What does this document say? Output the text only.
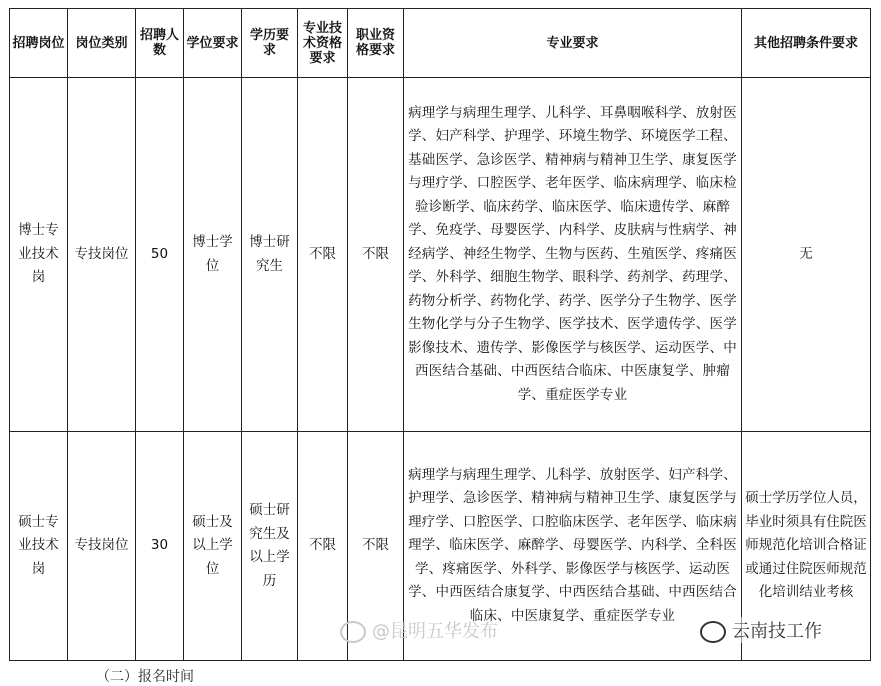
招聘岗位	岗位类别	招聘人数	学位要求	学历要求	专业技术资格要求	职业资格要求	专业要求	其他招聘条件要求
博士专业技术岗	专技岗位	50	博士学位	博士研究生	不限	不限	病理学与病理生理学、儿科学、耳鼻咽喉科学、放射医学、妇产科学、护理学、环境生物学、环境医学工程、基础医学、急诊医学、精神病与精神卫生学、康复医学与理疗学、口腔医学、老年医学、临床病理学、临床检验诊断学、临床药学、临床医学、临床遗传学、麻醉学、免疫学、母婴医学、内科学、皮肤病与性病学、神经病学、神经生物学、生物与医药、生殖医学、疼痛医学、外科学、细胞生物学、眼科学、药剂学、药理学、药物分析学、药物化学、药学、医学分子生物学、医学生物化学与分子生物学、医学技术、医学遗传学、医学影像技术、遗传学、影像医学与核医学、运动医学、中西医结合基础、中西医结合临床、中医康复学、肿瘤学、重症医学专业	无
硕士专业技术岗	专技岗位	30	硕士及以上学位	硕士研究生及以上学历	不限	不限	病理学与病理生理学、儿科学、放射医学、妇产科学、护理学、急诊医学、精神病与精神卫生学、康复医学与理疗学、口腔医学、口腔临床医学、老年医学、临床病理学、临床医学、麻醉学、母婴医学、内科学、全科医学、疼痛医学、外科学、影像医学与核医学、运动医学、中西医结合康复学、中西医结合基础、中西医结合临床、中医康复学、重症医学专业	硕士学历学位人员，毕业时须具有住院医师规范化培训合格证或通过住院医师规范化培训结业考核
@昆明五华发布	云南技工作
（二）报名时间
